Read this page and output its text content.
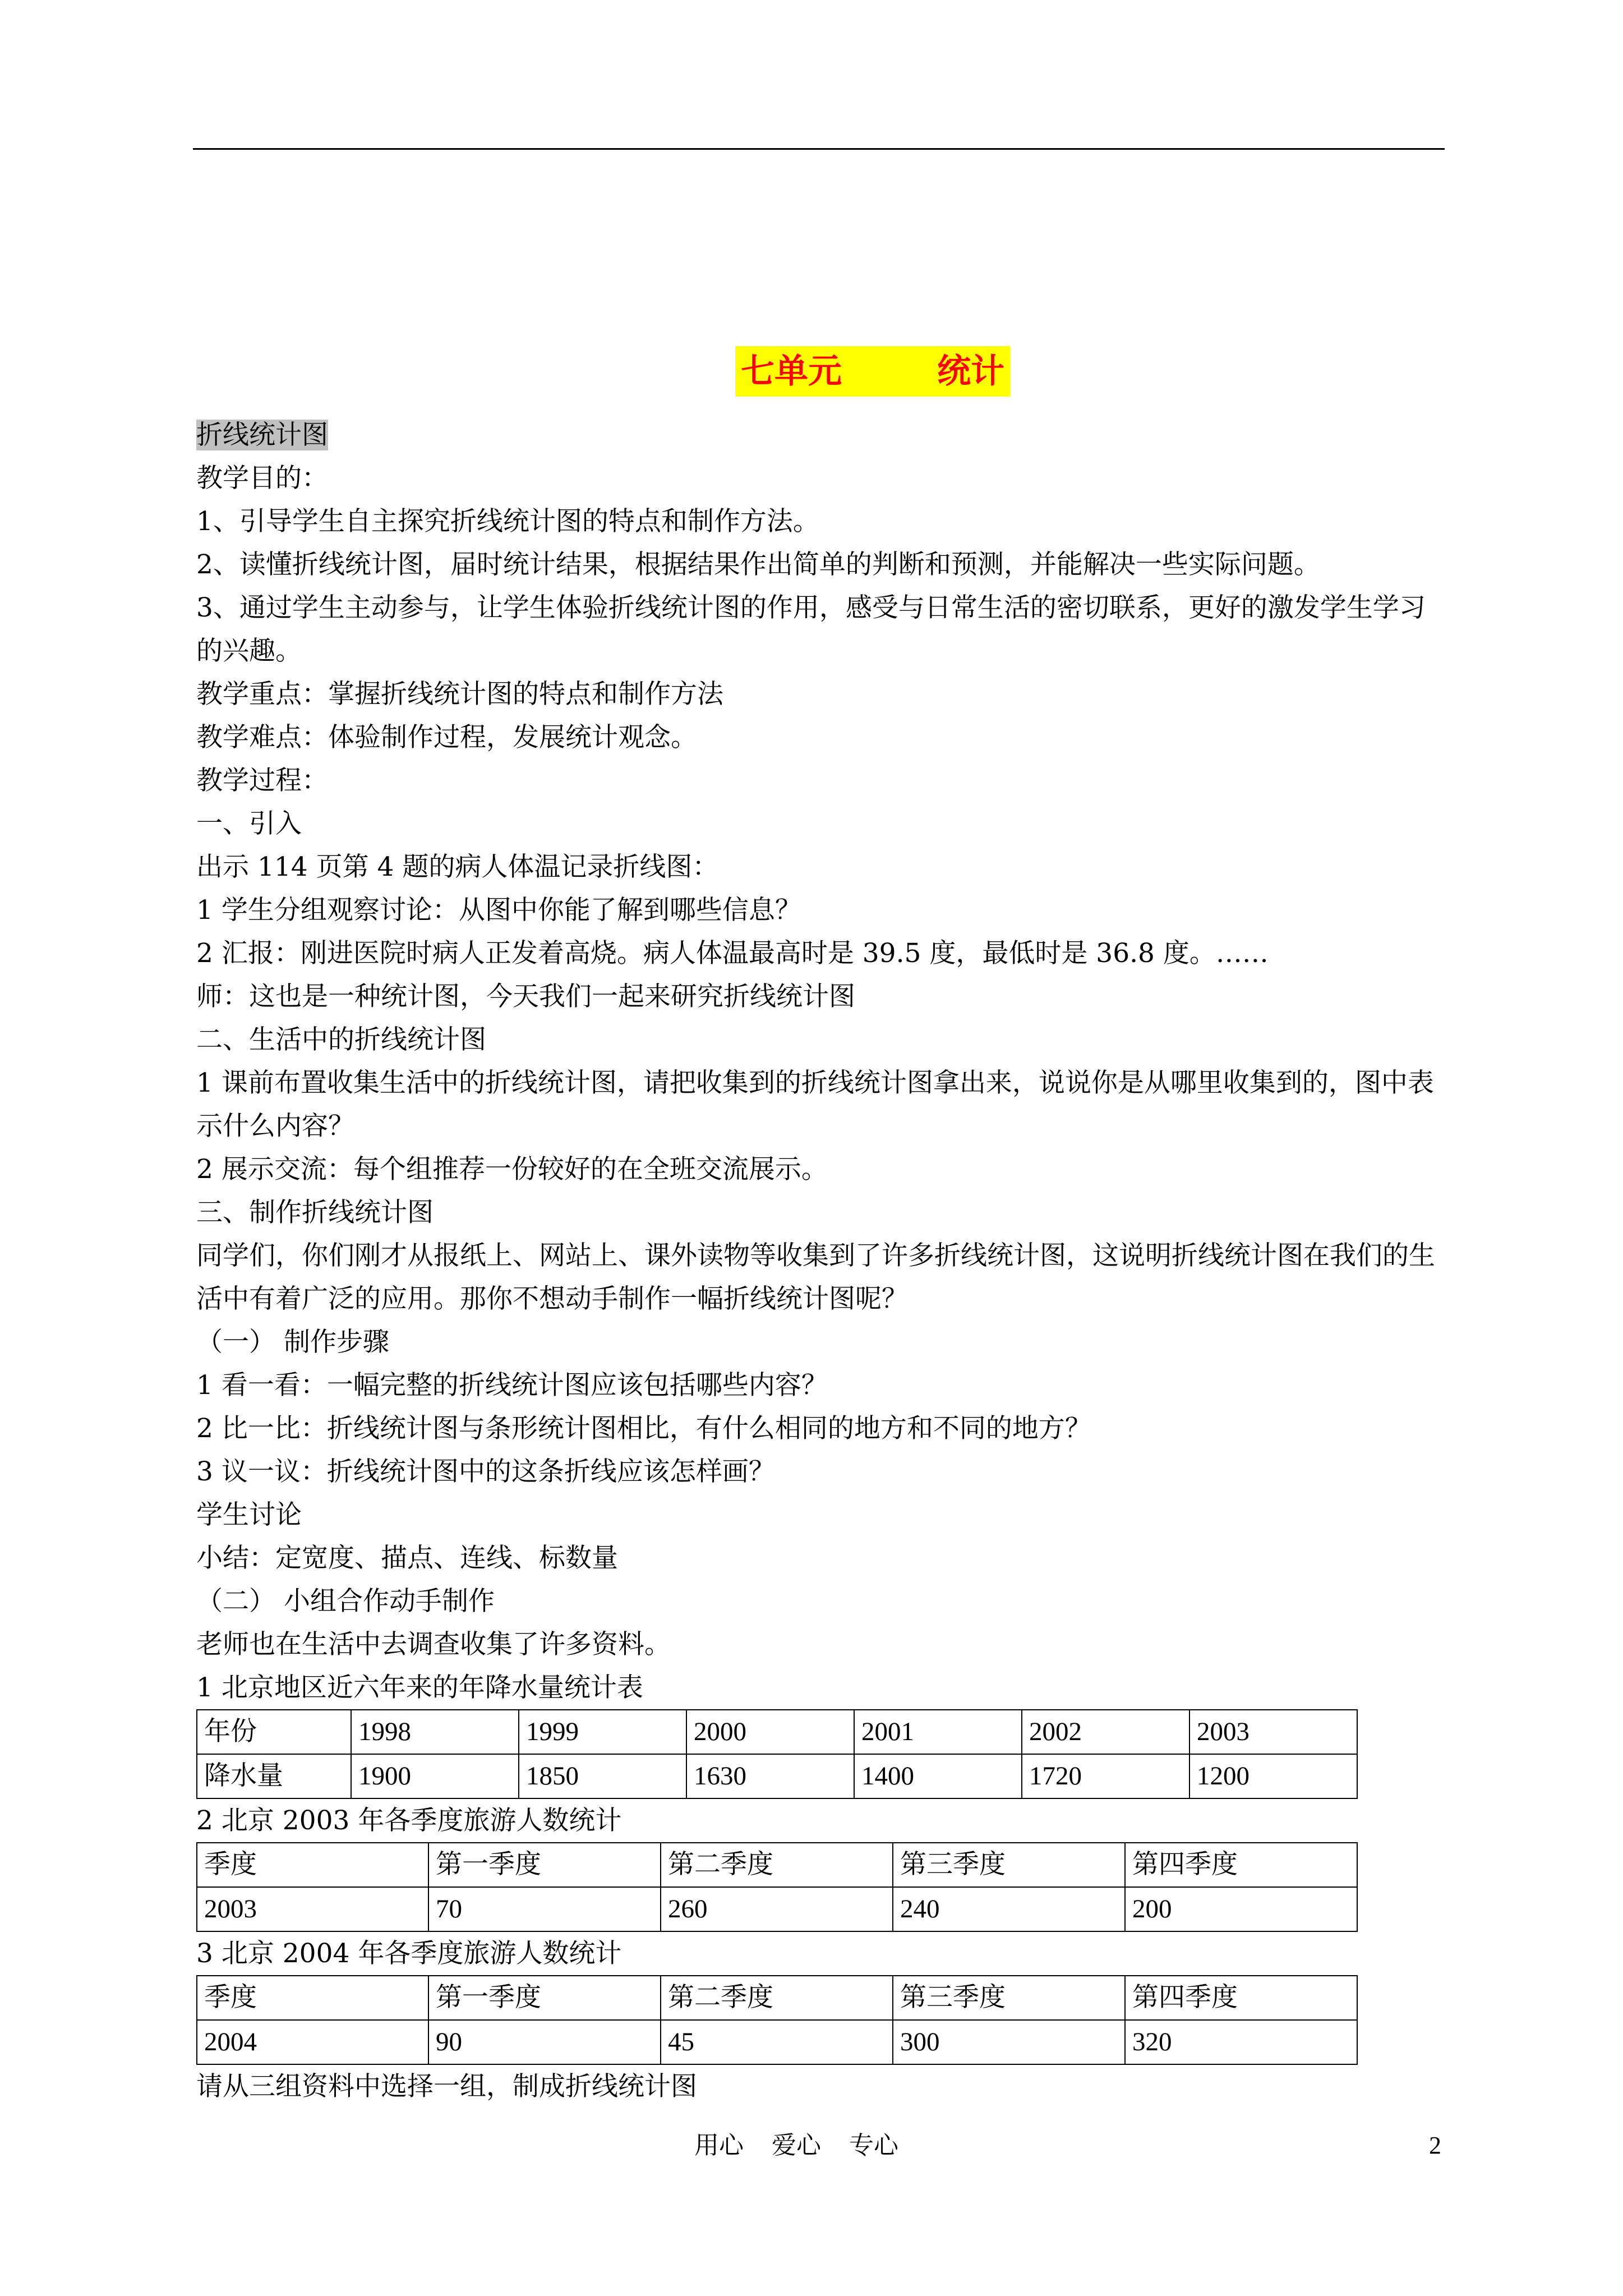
七单元	统计
折线统计图
教学目的：
1、引导学生自主探究折线统计图的特点和制作方法。
2、读懂折线统计图，届时统计结果，根据结果作出简单的判断和预测，并能解决一些实际问题。
3、通过学生主动参与，让学生体验折线统计图的作用，感受与日常生活的密切联系，更好的激发学生学习的兴趣。
教学重点：掌握折线统计图的特点和制作方法
教学难点：体验制作过程，发展统计观念。
教学过程：
一、引入
出示 114 页第 4 题的病人体温记录折线图：
1 学生分组观察讨论：从图中你能了解到哪些信息？
2 汇报：刚进医院时病人正发着高烧。病人体温最高时是 39.5 度，最低时是 36.8 度。……
师：这也是一种统计图，今天我们一起来研究折线统计图
二、生活中的折线统计图
1 课前布置收集生活中的折线统计图，请把收集到的折线统计图拿出来，说说你是从哪里收集到的，图中表示什么内容？
2 展示交流：每个组推荐一份较好的在全班交流展示。
三、制作折线统计图
同学们，你们刚才从报纸上、网站上、课外读物等收集到了许多折线统计图，这说明折线统计图在我们的生活中有着广泛的应用。那你不想动手制作一幅折线统计图呢？
（一） 制作步骤
1 看一看：一幅完整的折线统计图应该包括哪些内容？
2 比一比：折线统计图与条形统计图相比，有什么相同的地方和不同的地方？
3 议一议：折线统计图中的这条折线应该怎样画？
学生讨论
小结：定宽度、描点、连线、标数量
（二） 小组合作动手制作
老师也在生活中去调查收集了许多资料。
1 北京地区近六年来的年降水量统计表
年份	1998	1999	2000	2001	2002	2003
降水量	1900	1850	1630	1400	1720	1200
2 北京 2003 年各季度旅游人数统计
季度	第一季度	第二季度	第三季度	第四季度
2003	70	260	240	200
3 北京 2004 年各季度旅游人数统计
季度	第一季度	第二季度	第三季度	第四季度
2004	90	45	300	320
请从三组资料中选择一组，制成折线统计图
用心 爱心 专心	2
